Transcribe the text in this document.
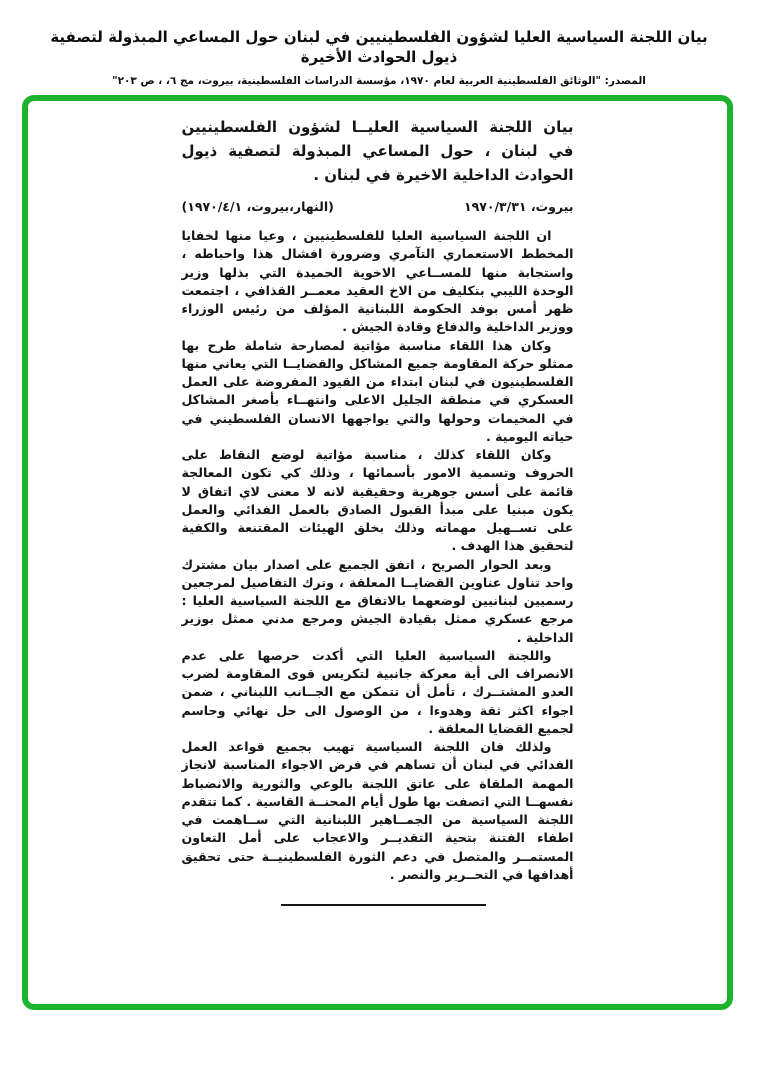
بيان اللجنة السياسية العليا لشؤون الفلسطينيين في لبنان حول المساعي المبذولة لتصفية ذيول الحوادث الأخيرة
المصدر: "الوثائق الفلسطينية العربية لعام ١٩٧٠، مؤسسة الدراسات الفلسطينية، بيروت، مج ٦، ، ص ٢٠٣"
بيان اللجنة السياسية العليــا لشؤون الفلسطينيين في لبنان ، حول المساعي المبذولة لتصفية ذيول الحوادث الداخلية الاخيرة في لبنان .
بيروت، ١٩٧٠/٣/٣١
(النهار،بيروت، ١٩٧٠/٤/١)

ان اللجنة السياسية العليا للفلسطينيين ، وعيا منها لخفايا المخطط الاستعماري التآمري وضرورة افشال هذا واحباطه ، واستجابة منها للمســاعي الاخوية الحميدة التي بذلها وزير الوحدة الليبي بتكليف من الاخ العقيد معمــر القذافي ، اجتمعت ظهر أمس بوفد الحكومة اللبنانية المؤلف من رئيس الوزراء ووزير الداخلية والدفاع وقادة الجيش .

وكان هذا اللقاء مناسبة مؤاتية لمصارحة شاملة طرح بها ممثلو حركة المقاومة جميع المشاكل والقضايــا التي يعاني منها الفلسطينيون في لبنان ابتداء من القيود المفروضة على العمل العسكري في منطقة الجليل الاعلى وانتهــاء بأصغر المشاكل في المخيمات وحولها والتي يواجهها الانسان الفلسطيني في حياته اليومية .

وكان اللقاء كذلك ، مناسبة مؤاتية لوضع النقاط على الحروف وتسمية الامور بأسمائها ، وذلك كي تكون المعالجة قائمة على أسس جوهرية وحقيقية لانه لا معنى لاي اتفاق لا يكون مبنيا على مبدأ القبول الصادق بالعمل الفدائي والعمل على تســهيل مهماته وذلك بخلق الهيئات المقتنعة والكفية لتحقيق هذا الهدف .

وبعد الحوار الصريح ، اتفق الجميع على اصدار بيان مشترك واحد تناول عناوين القضايــا المعلقة ، وترك التفاصيل لمرجعين رسميين لبنانيين لوضعهما بالاتفاق مع اللجنة السياسية العليا : مرجع عسكري ممثل بقيادة الجيش ومرجع مدني ممثل بوزير الداخلية .

واللجنة السياسية العليا التي أكدت حرصها على عدم الانصراف الى أية معركة جانبية لتكريس قوى المقاومة لضرب العدو المشتــرك ، تأمل أن تتمكن مع الجــانب اللبناني ، ضمن اجواء اكثر ثقة وهدوءا ، من الوصول الى حل نهائي وحاسم لجميع القضايا المعلقة .

ولذلك فان اللجنة السياسية تهيب بجميع قواعد العمل الفدائي في لبنان أن تساهم في فرض الاجواء المناسبة لانجاز المهمة الملقاة على عاتق اللجنة بالوعي والثورية والانضباط نفسهــا التي اتصفت بها طول أيام المحنــة القاسية . كما تتقدم اللجنة السياسية من الجمــاهير اللبنانية التي ســاهمت في اطفاء الفتنة بتحية التقديــر والاعجاب على أمل التعاون المستمــر والمتصل في دعم الثورة الفلسطينيــة حتى تحقيق أهدافها في التحــرير والنصر .
